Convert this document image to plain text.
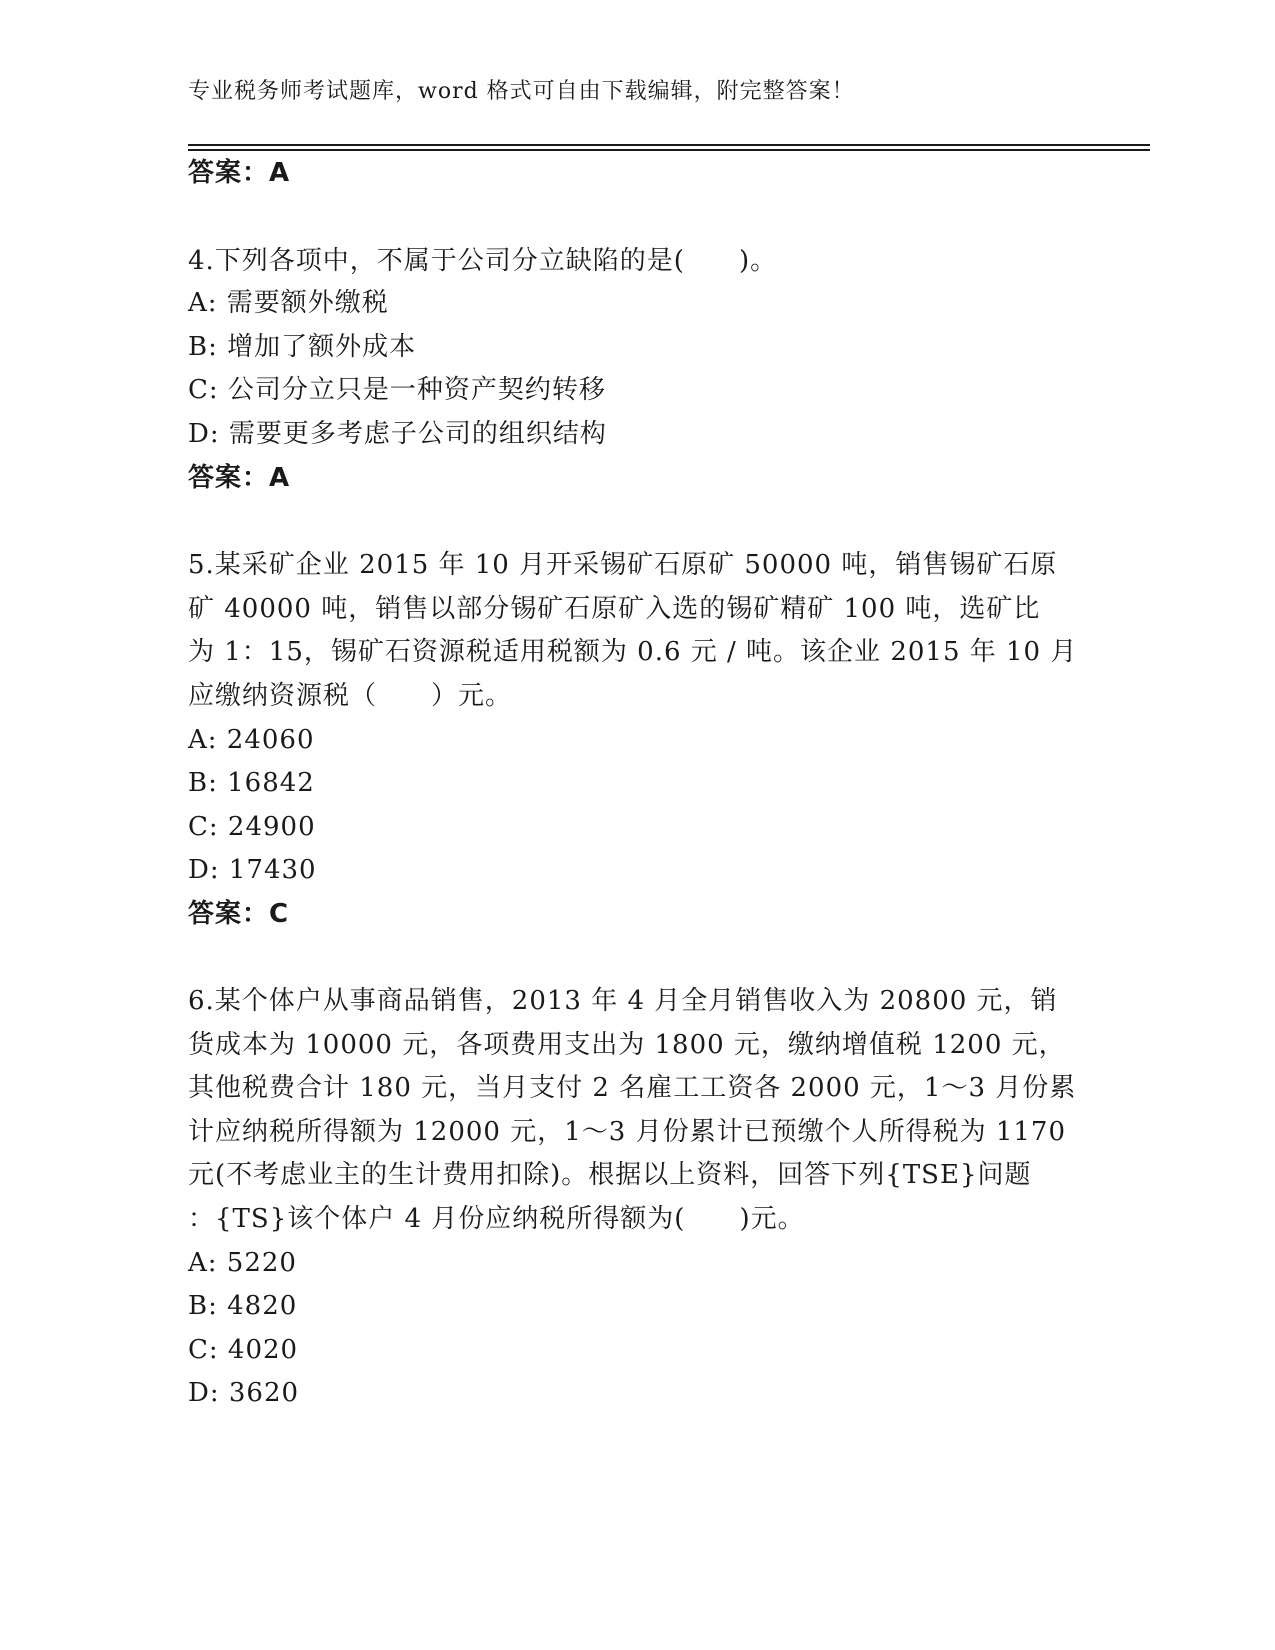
专业税务师考试题库，word 格式可自由下载编辑，附完整答案！
答案：A
4.下列各项中，不属于公司分立缺陷的是(　　)。
A: 需要额外缴税
B: 增加了额外成本
C: 公司分立只是一种资产契约转移
D: 需要更多考虑子公司的组织结构
答案：A
5.某采矿企业 2015 年 10 月开采锡矿石原矿 50000 吨，销售锡矿石原
矿 40000 吨，销售以部分锡矿石原矿入选的锡矿精矿 100 吨，选矿比
为 1：15，锡矿石资源税适用税额为 0.6 元 / 吨。该企业 2015 年 10 月
应缴纳资源税（　　）元。
A: 24060
B: 16842
C: 24900
D: 17430
答案：C
6.某个体户从事商品销售，2013 年 4 月全月销售收入为 20800 元，销
货成本为 10000 元，各项费用支出为 1800 元，缴纳增值税 1200 元，
其他税费合计 180 元，当月支付 2 名雇工工资各 2000 元，1～3 月份累
计应纳税所得额为 12000 元，1～3 月份累计已预缴个人所得税为 1170
元(不考虑业主的生计费用扣除)。根据以上资料，回答下列{TSE}问题
：{TS}该个体户 4 月份应纳税所得额为(　　)元。
A: 5220
B: 4820
C: 4020
D: 3620
